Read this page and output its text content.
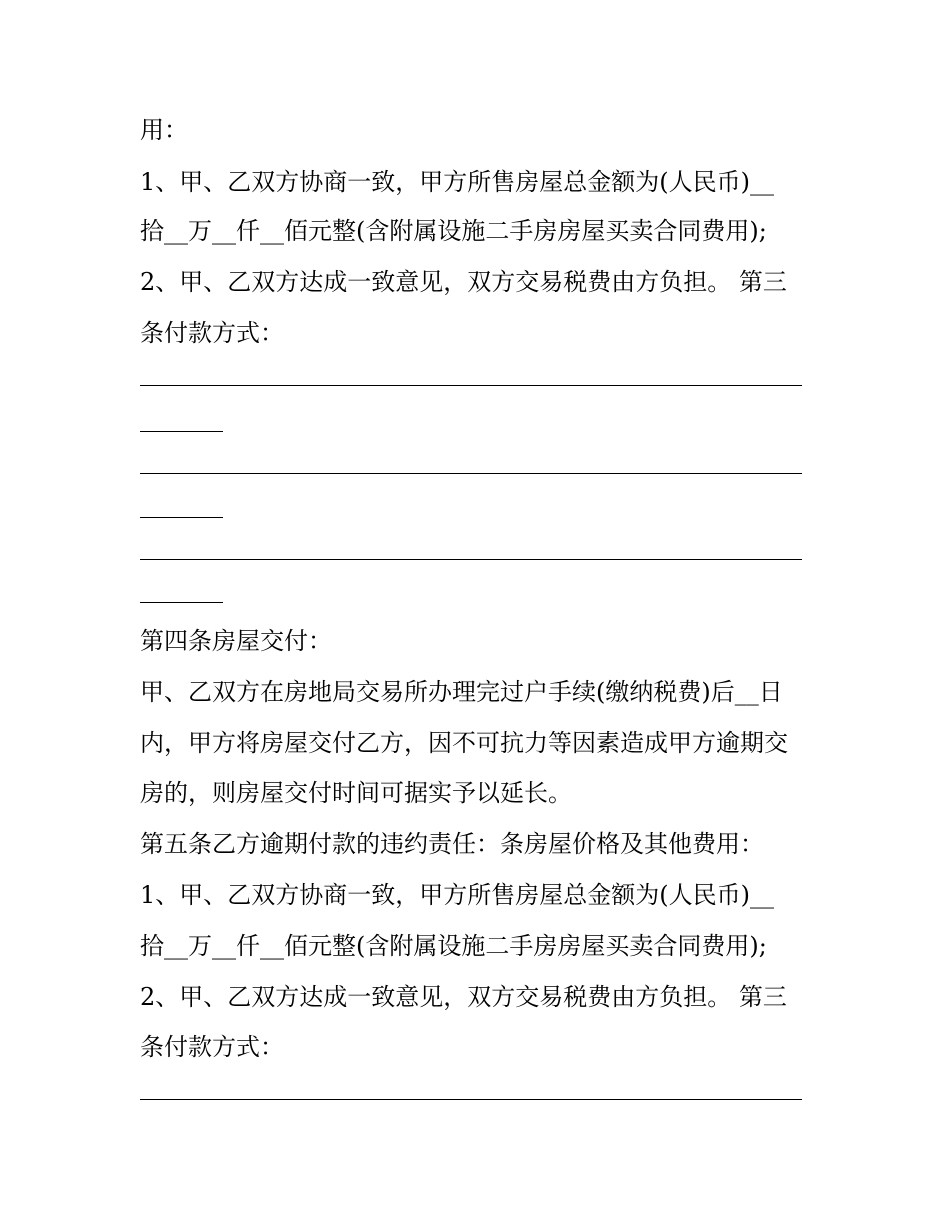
用：
1、甲、乙双方协商一致，甲方所售房屋总金额为(人民币)__
拾__万__仟__佰元整(含附属设施二手房房屋买卖合同费用);
2、甲、乙双方达成一致意见，双方交易税费由方负担。 第三
条付款方式：
第四条房屋交付：
甲、乙双方在房地局交易所办理完过户手续(缴纳税费)后__日
内，甲方将房屋交付乙方，因不可抗力等因素造成甲方逾期交
房的，则房屋交付时间可据实予以延长。
第五条乙方逾期付款的违约责任：条房屋价格及其他费用：
1、甲、乙双方协商一致，甲方所售房屋总金额为(人民币)__
拾__万__仟__佰元整(含附属设施二手房房屋买卖合同费用);
2、甲、乙双方达成一致意见，双方交易税费由方负担。 第三
条付款方式：
